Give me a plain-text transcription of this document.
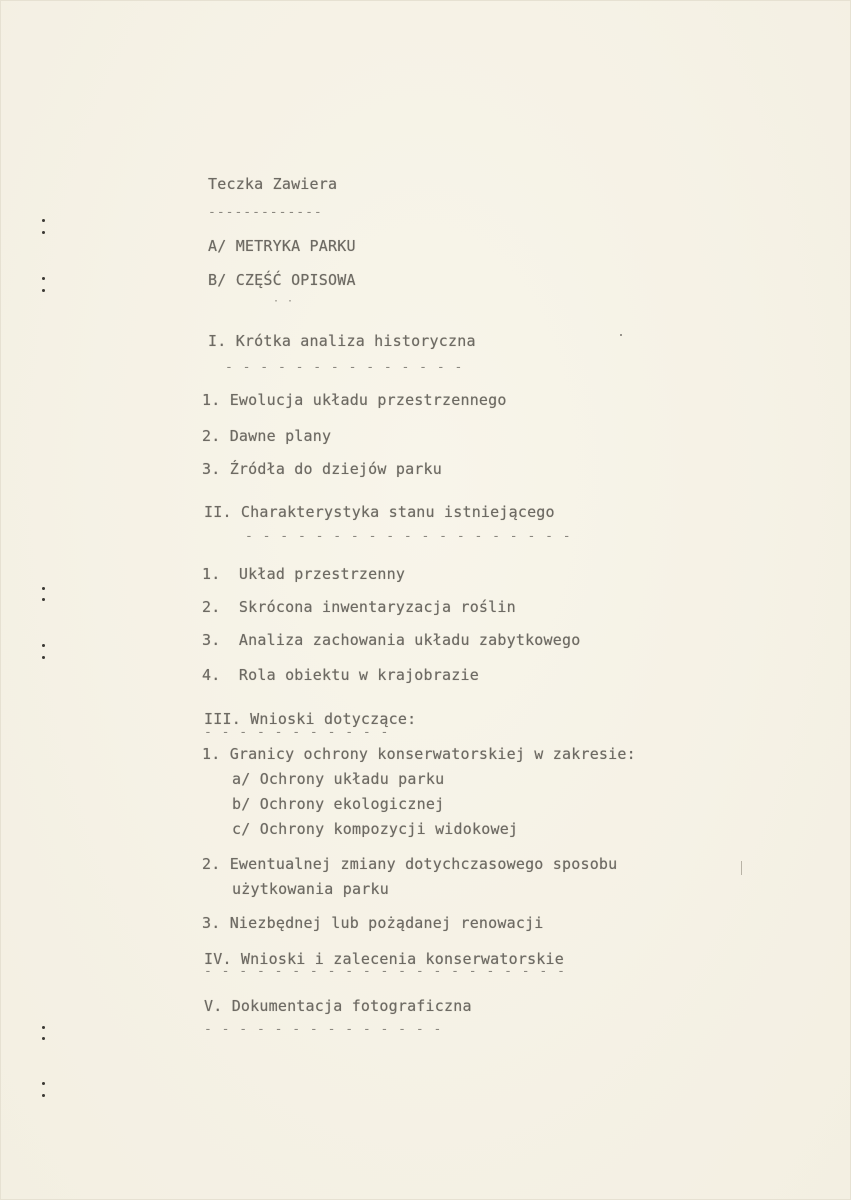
Teczka Zawiera
-------------
A/ METRYKA PARKU
B/ CZĘŚĆ OPISOWA
· ·
I. Krótka analiza historyczna
- - - - - - - - - - - - - -
1. Ewolucja układu przestrzennego
2. Dawne plany
3. Źródła do dziejów parku
II. Charakterystyka stanu istniejącego
- - - - - - - - - - - - - - - - - - -
1.  Układ przestrzenny
2.  Skrócona inwentaryzacja roślin
3.  Analiza zachowania układu zabytkowego
4.  Rola obiektu w krajobrazie
III. Wnioski dotyczące:
- - - - - - - - - - -
1. Granicy ochrony konserwatorskiej w zakresie:
a/ Ochrony układu parku
b/ Ochrony ekologicznej
c/ Ochrony kompozycji widokowej
2. Ewentualnej zmiany dotychczasowego sposobu
użytkowania parku
3. Niezbędnej lub pożądanej renowacji
IV. Wnioski i zalecenia konserwatorskie
- - - - - - - - - - - - - - - - - - - - -
V. Dokumentacja fotograficzna
- - - - - - - - - - - - - -
